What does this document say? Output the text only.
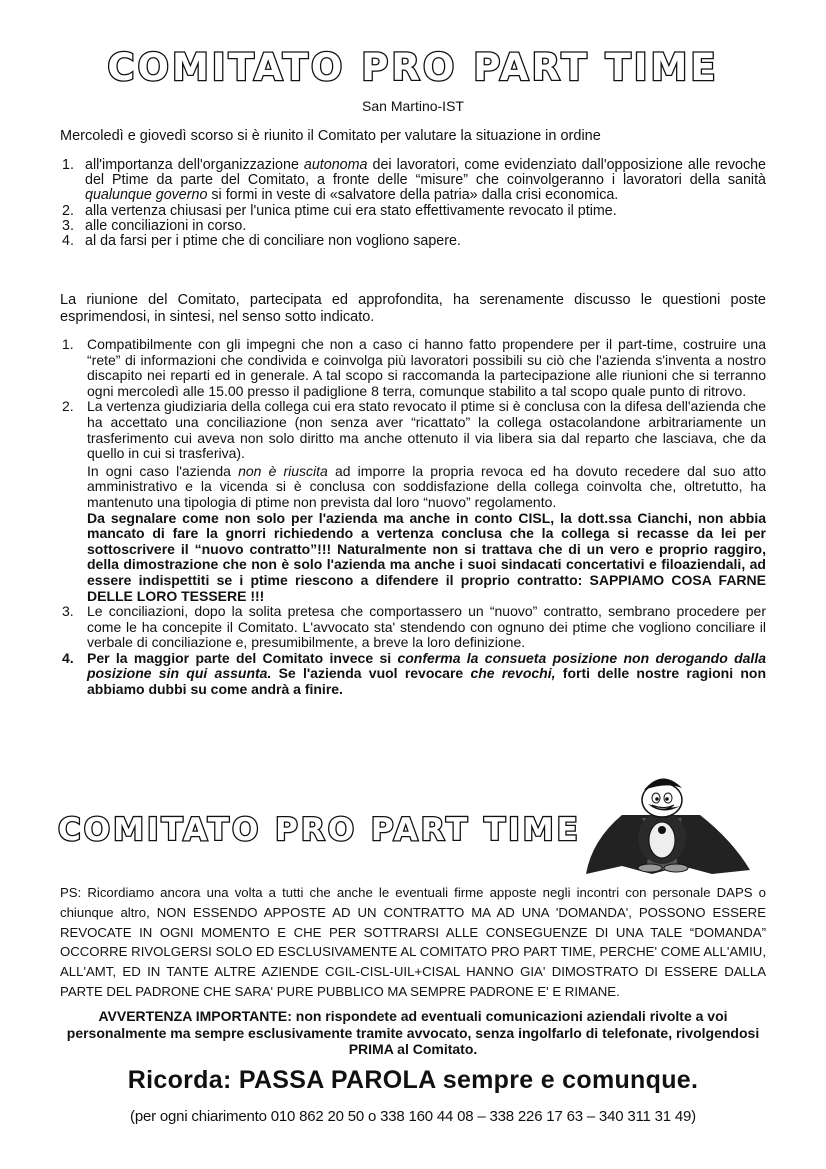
COMITATO PRO PART TIME
San Martino-IST

Mercoledì e giovedì scorso si è riunito il Comitato per valutare la situazione in ordine

1. all'importanza dell'organizzazione autonoma dei lavoratori, come evidenziato dall'opposizione alle revoche del Ptime da parte del Comitato, a fronte delle “misure” che coinvolgeranno i lavoratori della sanità qualunque governo si formi in veste di «salvatore della patria» dalla crisi economica.
2. alla vertenza chiusasi per l'unica ptime cui era stato effettivamente revocato il ptime.
3. alle conciliazioni in corso.
4. al da farsi per i ptime che di conciliare non vogliono sapere.

La riunione del Comitato, partecipata ed approfondita, ha serenamente discusso le questioni poste esprimendosi, in sintesi, nel senso sotto indicato.

1. Compatibilmente con gli impegni che non a caso ci hanno fatto propendere per il part-time, costruire una “rete” di informazioni che condivida e coinvolga più lavoratori possibili su ciò che l'azienda s'inventa a nostro discapito nei reparti ed in generale. A tal scopo si raccomanda la partecipazione alle riunioni che si terranno ogni mercoledì alle 15.00 presso il padiglione 8 terra, comunque stabilito a tal scopo quale punto di ritrovo.
2. La vertenza giudiziaria della collega cui era stato revocato il ptime si è conclusa con la difesa dell'azienda che ha accettato una conciliazione (non senza aver “ricattato” la collega ostacolandone arbitrariamente un trasferimento cui aveva non solo diritto ma anche ottenuto il via libera sia dal reparto che lasciava, che da quello in cui si trasferiva).
In ogni caso l'azienda non è riuscita ad imporre la propria revoca ed ha dovuto recedere dal suo atto amministrativo e la vicenda si è conclusa con soddisfazione della collega coinvolta che, oltretutto, ha mantenuto una tipologia di ptime non prevista dal loro “nuovo” regolamento.
Da segnalare come non solo per l'azienda ma anche in conto CISL, la dott.ssa Cianchi, non abbia mancato di fare la gnorri richiedendo a vertenza conclusa che la collega si recasse da lei per sottoscrivere il “nuovo contratto”!!! Naturalmente non si trattava che di un vero e proprio raggiro, della dimostrazione che non è solo l'azienda ma anche i suoi sindacati concertativi e filoaziendali, ad essere indispettiti se i ptime riescono a difendere il proprio contratto: SAPPIAMO COSA FARNE DELLE LORO TESSERE !!!
3. Le conciliazioni, dopo la solita pretesa che comportassero un “nuovo” contratto, sembrano procedere per come le ha concepite il Comitato. L'avvocato sta' stendendo con ognuno dei ptime che vogliono conciliare il verbale di conciliazione e, presumibilmente, a breve la loro definizione.
4. Per la maggior parte del Comitato invece si conferma la consueta posizione non derogando dalla posizione sin qui assunta. Se l'azienda vuol revocare che revochi, forti delle nostre ragioni non abbiamo dubbi su come andrà a finire.
COMITATO PRO PART TIME

PS: Ricordiamo ancora una volta a tutti che anche le eventuali firme apposte negli incontri con personale DAPS o chiunque altro, NON ESSENDO APPOSTE AD UN CONTRATTO MA AD UNA 'DOMANDA', POSSONO ESSERE REVOCATE IN OGNI MOMENTO E CHE PER SOTTRARSI ALLE CONSEGUENZE DI UNA TALE “DOMANDA” OCCORRE RIVOLGERSI SOLO ED ESCLUSIVAMENTE AL COMITATO PRO PART TIME, PERCHE' COME ALL'AMIU, ALL'AMT, ED IN TANTE ALTRE AZIENDE CGIL-CISL-UIL+CISAL HANNO GIA' DIMOSTRATO DI ESSERE DALLA PARTE DEL PADRONE CHE SARA' PURE PUBBLICO MA SEMPRE PADRONE E' E RIMANE.

AVVERTENZA IMPORTANTE: non rispondete ad eventuali comunicazioni aziendali rivolte a voi personalmente ma sempre esclusivamente tramite avvocato, senza ingolfarlo di telefonate, rivolgendosi PRIMA al Comitato.

Ricorda: PASSA PAROLA sempre e comunque.

(per ogni chiarimento 010 862 20 50 o 338 160 44 08 – 338 226 17 63 – 340 311 31 49)
